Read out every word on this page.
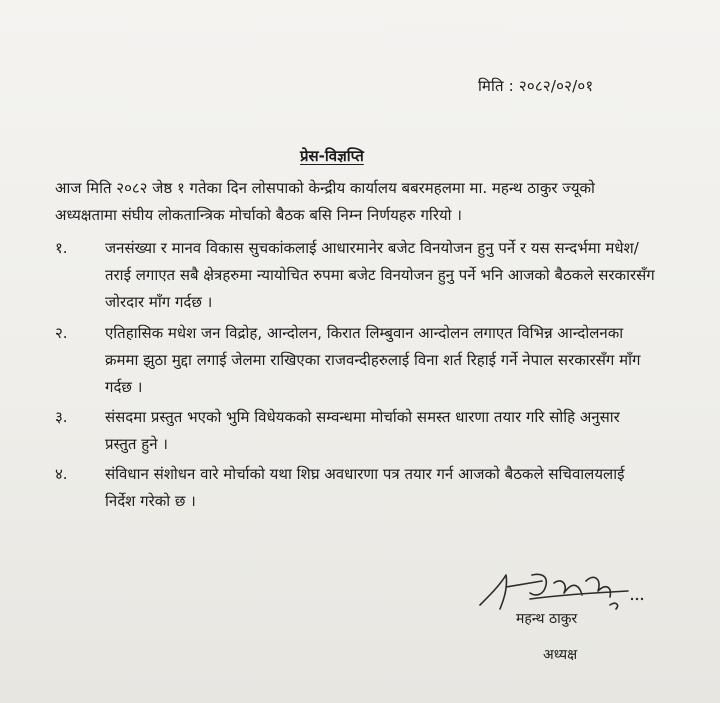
मिति : २०८२/०२/०१
प्रेस-विज्ञप्ति
आज मिति २०८२ जेष्ठ १ गतेका दिन लोसपाको केन्द्रीय कार्यालय बबरमहलमा मा. महन्थ ठाकुर ज्यूको अध्यक्षतामा संघीय लोकतान्त्रिक मोर्चाको बैठक बसि निम्न निर्णयहरु गरियो ।
१.	जनसंख्या र मानव विकास सुचकांकलाई आधारमानेर बजेट विनयोजन हुनु पर्ने र यस सन्दर्भमा मधेश/तराई लगाएत सबै क्षेत्रहरुमा न्यायोचित रुपमा बजेट विनयोजन हुनु पर्ने भनि आजको बैठकले सरकारसँग जोरदार माँग गर्दछ ।
२.	एतिहासिक मधेश जन विद्रोह, आन्दोलन, किरात लिम्बुवान आन्दोलन लगाएत विभिन्न आन्दोलनका क्रममा झुठा मुद्दा लगाई जेलमा राखिएका राजवन्दीहरुलाई विना शर्त रिहाई गर्ने नेपाल सरकारसँग माँग गर्दछ ।
३.	संसदमा प्रस्तुत भएको भुमि विधेयकको सम्वन्धमा मोर्चाको समस्त धारणा तयार गरि सोहि अनुसार प्रस्तुत हुने ।
४.	संविधान संशोधन वारे मोर्चाको यथा शिघ्र अवधारणा पत्र तयार गर्न आजको बैठकले सचिवालयलाई निर्देश गरेको छ ।
महन्थ ठाकुर
अध्यक्ष
